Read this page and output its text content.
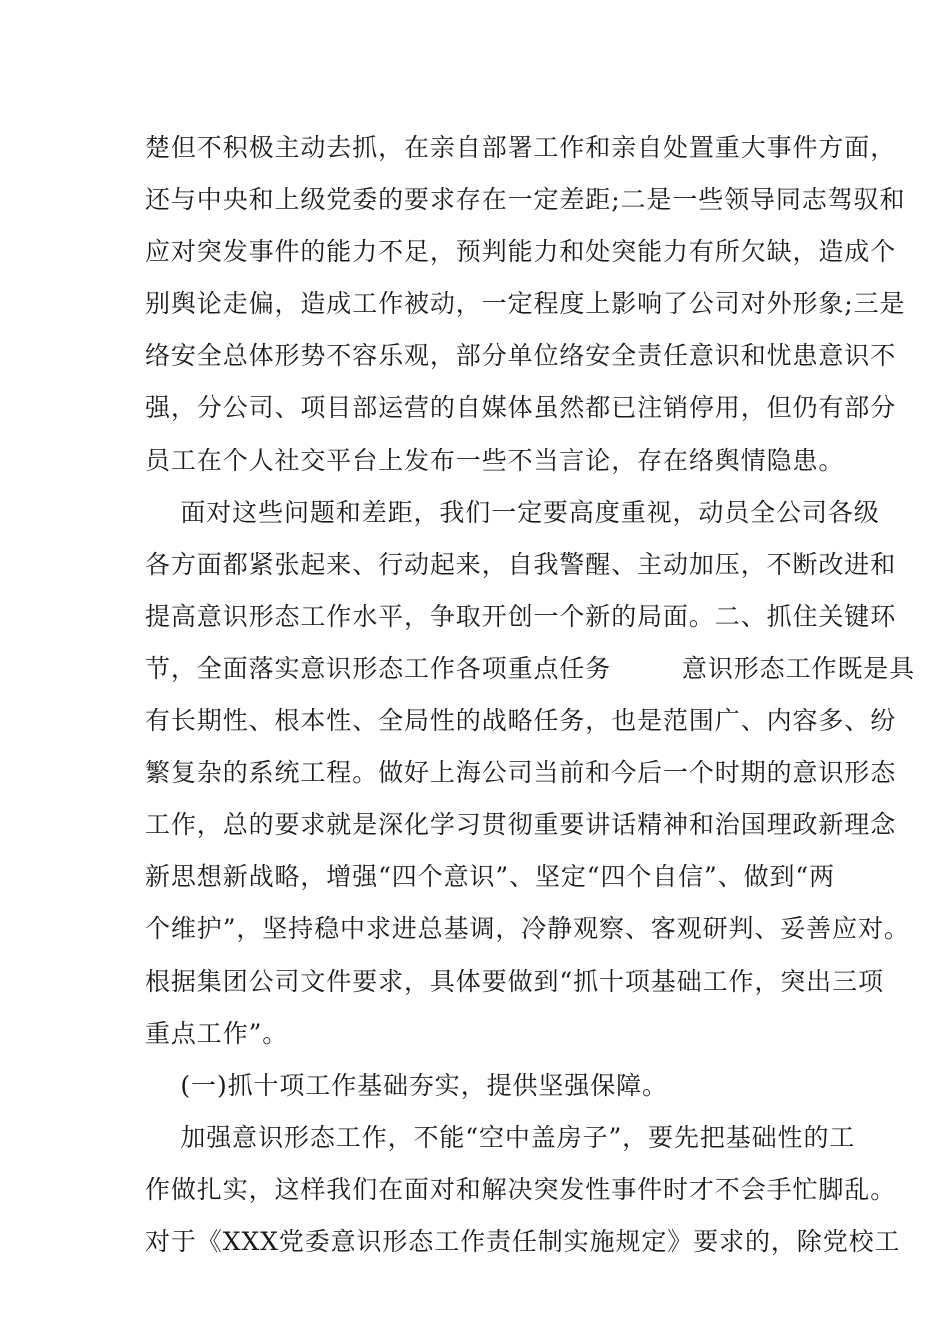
楚但不积极主动去抓，在亲自部署工作和亲自处置重大事件方面，
还与中央和上级党委的要求存在一定差距;二是一些领导同志驾驭和
应对突发事件的能力不足，预判能力和处突能力有所欠缺，造成个
别舆论走偏，造成工作被动，一定程度上影响了公司对外形象;三是
络安全总体形势不容乐观，部分单位络安全责任意识和忧患意识不
强，分公司、项目部运营的自媒体虽然都已注销停用，但仍有部分
员工在个人社交平台上发布一些不当言论，存在络舆情隐患。
面对这些问题和差距，我们一定要高度重视，动员全公司各级
各方面都紧张起来、行动起来，自我警醒、主动加压，不断改进和
提高意识形态工作水平，争取开创一个新的局面。二、抓住关键环
节，全面落实意识形态工作各项重点任务        意识形态工作既是具
有长期性、根本性、全局性的战略任务，也是范围广、内容多、纷
繁复杂的系统工程。做好上海公司当前和今后一个时期的意识形态
工作，总的要求就是深化学习贯彻重要讲话精神和治国理政新理念
新思想新战略，增强“四个意识”、坚定“四个自信”、做到“两
个维护”，坚持稳中求进总基调，冷静观察、客观研判、妥善应对。
根据集团公司文件要求，具体要做到“抓十项基础工作，突出三项
重点工作”。
(一)抓十项工作基础夯实，提供坚强保障。
加强意识形态工作，不能“空中盖房子”，要先把基础性的工
作做扎实，这样我们在面对和解决突发性事件时才不会手忙脚乱。
对于《XXX党委意识形态工作责任制实施规定》要求的，除党校工
